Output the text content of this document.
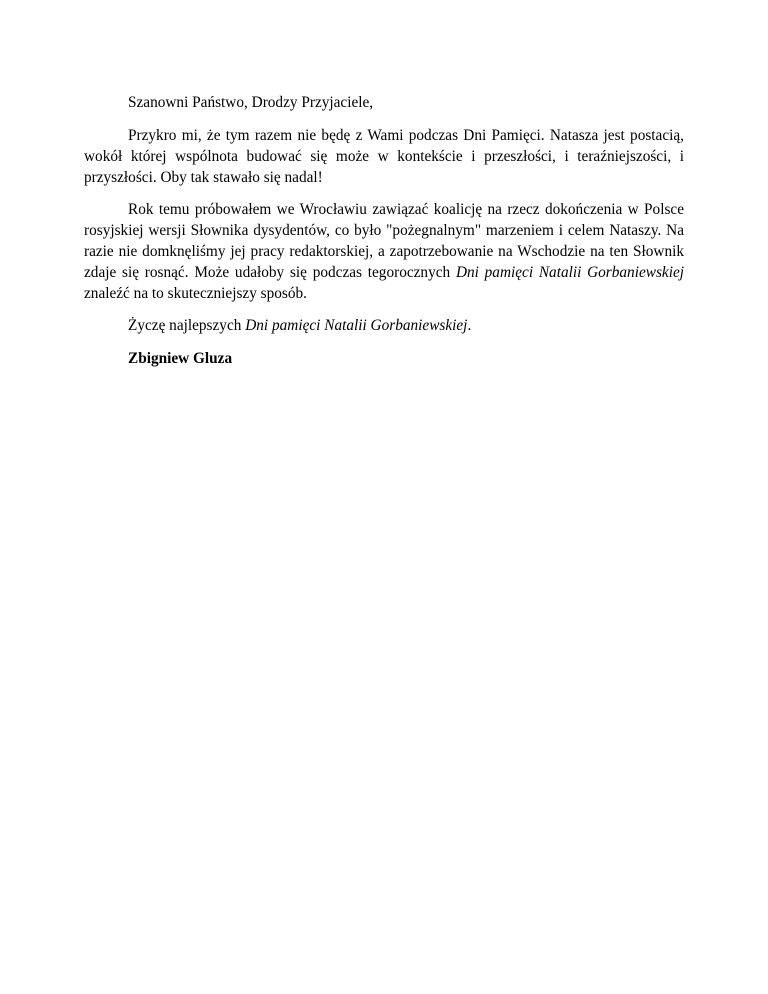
Szanowni Państwo, Drodzy Przyjaciele,

Przykro mi, że tym razem nie będę z Wami podczas Dni Pamięci. Natasza jest postacią, wokół której wspólnota budować się może w kontekście i przeszłości, i teraźniejszości, i przyszłości. Oby tak stawało się nadal!

Rok temu próbowałem we Wrocławiu zawiązać koalicję na rzecz dokończenia w Polsce rosyjskiej wersji Słownika dysydentów, co było "pożegnalnym" marzeniem i celem Nataszy. Na razie nie domknęliśmy jej pracy redaktorskiej, a zapotrzebowanie na Wschodzie na ten Słownik zdaje się rosnąć. Może udałoby się podczas tegorocznych Dni pamięci Natalii Gorbaniewskiej znaleźć na to skuteczniejszy sposób.

Życzę najlepszych Dni pamięci Natalii Gorbaniewskiej.

Zbigniew Gluza
